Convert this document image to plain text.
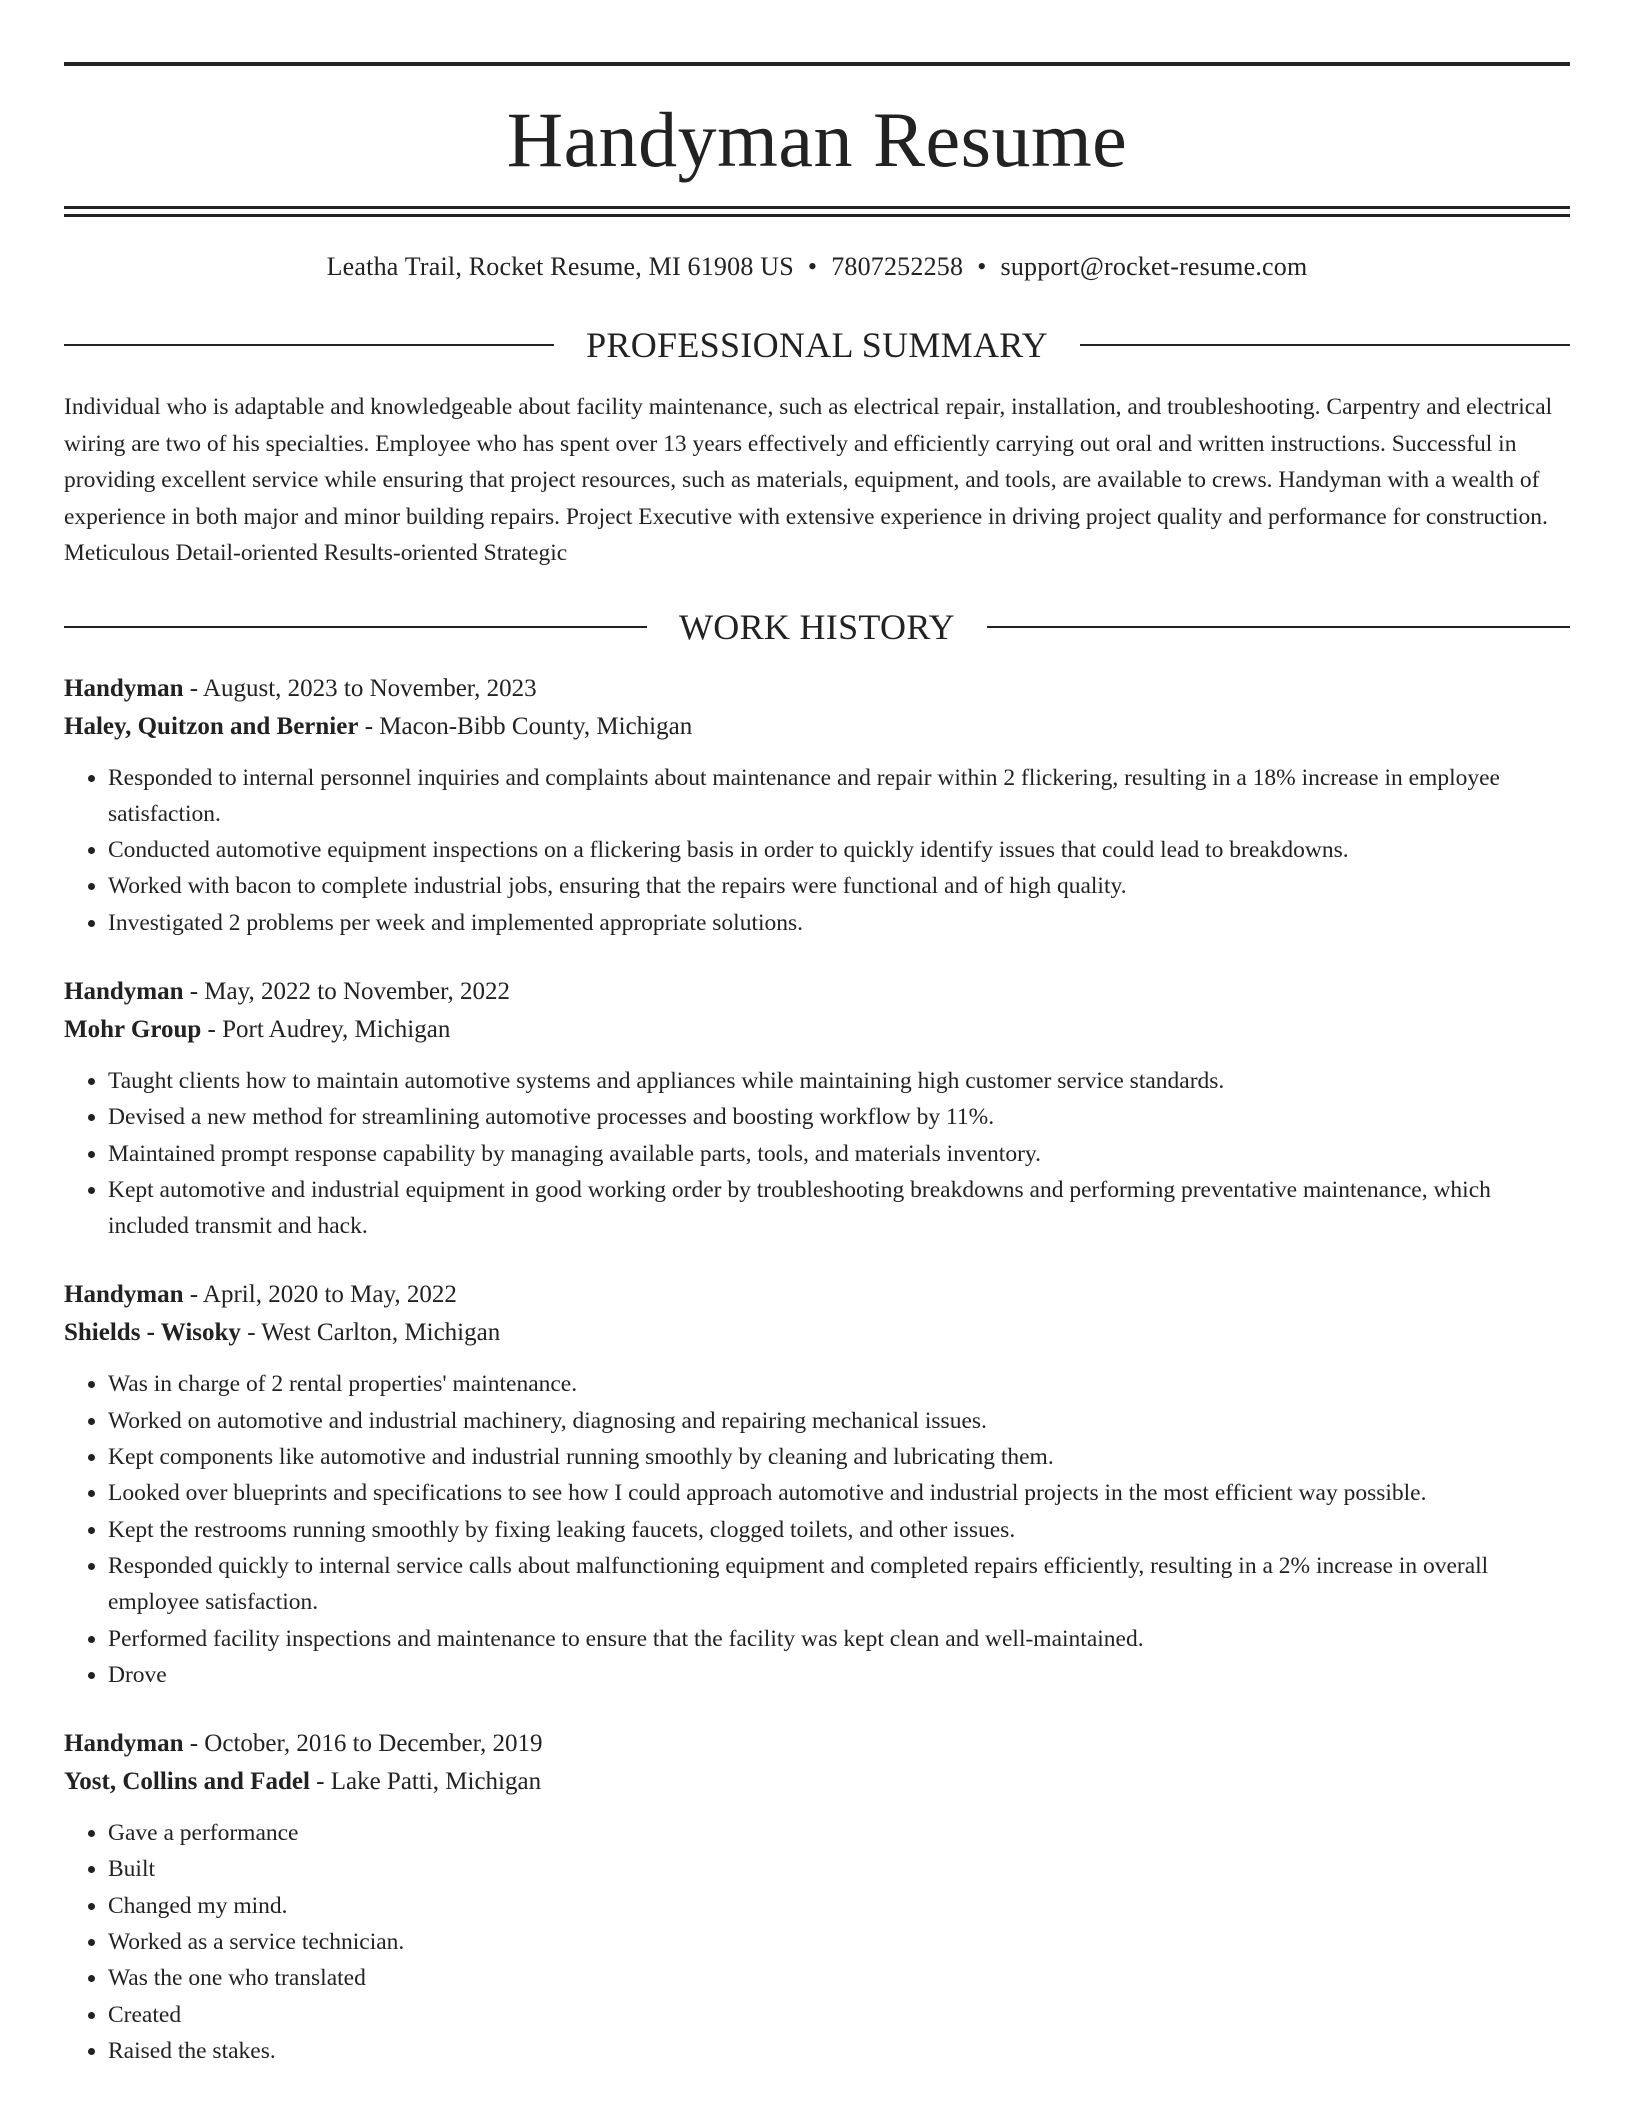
Handyman Resume
Leatha Trail, Rocket Resume, MI 61908 US • 7807252258 • support@rocket-resume.com
PROFESSIONAL SUMMARY
Individual who is adaptable and knowledgeable about facility maintenance, such as electrical repair, installation, and troubleshooting. Carpentry and electrical wiring are two of his specialties. Employee who has spent over 13 years effectively and efficiently carrying out oral and written instructions. Successful in providing excellent service while ensuring that project resources, such as materials, equipment, and tools, are available to crews. Handyman with a wealth of experience in both major and minor building repairs. Project Executive with extensive experience in driving project quality and performance for construction. Meticulous Detail-oriented Results-oriented Strategic
WORK HISTORY
Handyman - August, 2023 to November, 2023
Haley, Quitzon and Bernier - Macon-Bibb County, Michigan
• Responded to internal personnel inquiries and complaints about maintenance and repair within 2 flickering, resulting in a 18% increase in employee satisfaction.
• Conducted automotive equipment inspections on a flickering basis in order to quickly identify issues that could lead to breakdowns.
• Worked with bacon to complete industrial jobs, ensuring that the repairs were functional and of high quality.
• Investigated 2 problems per week and implemented appropriate solutions.
Handyman - May, 2022 to November, 2022
Mohr Group - Port Audrey, Michigan
• Taught clients how to maintain automotive systems and appliances while maintaining high customer service standards.
• Devised a new method for streamlining automotive processes and boosting workflow by 11%.
• Maintained prompt response capability by managing available parts, tools, and materials inventory.
• Kept automotive and industrial equipment in good working order by troubleshooting breakdowns and performing preventative maintenance, which included transmit and hack.
Handyman - April, 2020 to May, 2022
Shields - Wisoky - West Carlton, Michigan
• Was in charge of 2 rental properties' maintenance.
• Worked on automotive and industrial machinery, diagnosing and repairing mechanical issues.
• Kept components like automotive and industrial running smoothly by cleaning and lubricating them.
• Looked over blueprints and specifications to see how I could approach automotive and industrial projects in the most efficient way possible.
• Kept the restrooms running smoothly by fixing leaking faucets, clogged toilets, and other issues.
• Responded quickly to internal service calls about malfunctioning equipment and completed repairs efficiently, resulting in a 2% increase in overall employee satisfaction.
• Performed facility inspections and maintenance to ensure that the facility was kept clean and well-maintained.
• Drove
Handyman - October, 2016 to December, 2019
Yost, Collins and Fadel - Lake Patti, Michigan
• Gave a performance
• Built
• Changed my mind.
• Worked as a service technician.
• Was the one who translated
• Created
• Raised the stakes.
